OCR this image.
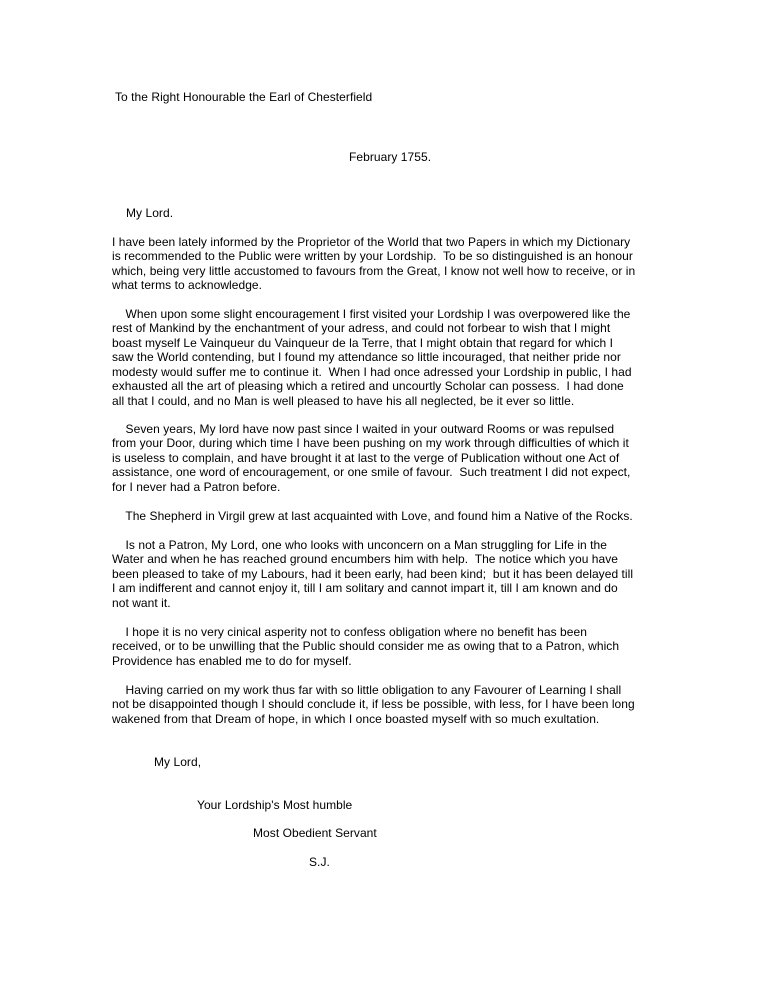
To the Right Honourable the Earl of Chesterfield
February 1755.
My Lord.
I have been lately informed by the Proprietor of the World that two Papers in which my Dictionary
is recommended to the Public were written by your Lordship.  To be so distinguished is an honour
which, being very little accustomed to favours from the Great, I know not well how to receive, or in
what terms to acknowledge.
When upon some slight encouragement I first visited your Lordship I was overpowered like the
rest of Mankind by the enchantment of your adress, and could not forbear to wish that I might
boast myself Le Vainqueur du Vainqueur de la Terre, that I might obtain that regard for which I
saw the World contending, but I found my attendance so little incouraged, that neither pride nor
modesty would suffer me to continue it.  When I had once adressed your Lordship in public, I had
exhausted all the art of pleasing which a retired and uncourtly Scholar can possess.  I had done
all that I could, and no Man is well pleased to have his all neglected, be it ever so little.
Seven years, My lord have now past since I waited in your outward Rooms or was repulsed
from your Door, during which time I have been pushing on my work through difficulties of which it
is useless to complain, and have brought it at last to the verge of Publication without one Act of
assistance, one word of encouragement, or one smile of favour.  Such treatment I did not expect,
for I never had a Patron before.
The Shepherd in Virgil grew at last acquainted with Love, and found him a Native of the Rocks.
Is not a Patron, My Lord, one who looks with unconcern on a Man struggling for Life in the
Water and when he has reached ground encumbers him with help.  The notice which you have
been pleased to take of my Labours, had it been early, had been kind;  but it has been delayed till
I am indifferent and cannot enjoy it, till I am solitary and cannot impart it, till I am known and do
not want it.
I hope it is no very cinical asperity not to confess obligation where no benefit has been
received, or to be unwilling that the Public should consider me as owing that to a Patron, which
Providence has enabled me to do for myself.
Having carried on my work thus far with so little obligation to any Favourer of Learning I shall
not be disappointed though I should conclude it, if less be possible, with less, for I have been long
wakened from that Dream of hope, in which I once boasted myself with so much exultation.
My Lord,
Your Lordship's Most humble
Most Obedient Servant
S.J.
